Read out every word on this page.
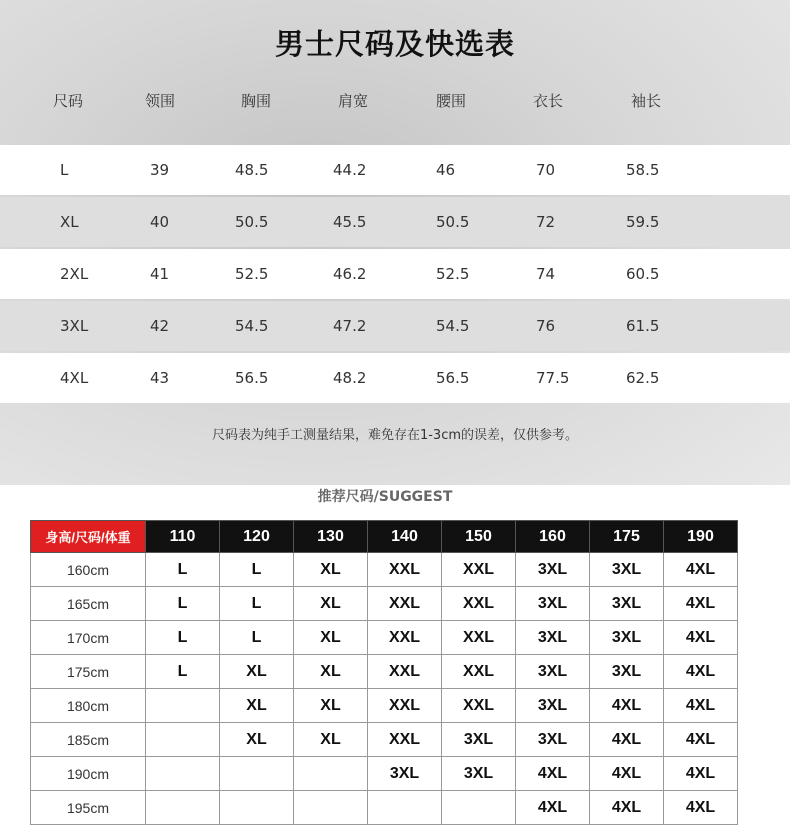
男士尺码及快选表
尺码	领围	胸围	肩宽	腰围	衣长	袖长
L	39	48.5	44.2	46	70	58.5
XL	40	50.5	45.5	50.5	72	59.5
2XL	41	52.5	46.2	52.5	74	60.5
3XL	42	54.5	47.2	54.5	76	61.5
4XL	43	56.5	48.2	56.5	77.5	62.5
尺码表为纯手工测量结果，难免存在1-3cm的误差，仅供参考。
推荐尺码/SUGGEST
身高/尺码/体重	110	120	130	140	150	160	175	190
160cm	L	L	XL	XXL	XXL	3XL	3XL	4XL
165cm	L	L	XL	XXL	XXL	3XL	3XL	4XL
170cm	L	L	XL	XXL	XXL	3XL	3XL	4XL
175cm	L	XL	XL	XXL	XXL	3XL	3XL	4XL
180cm		XL	XL	XXL	XXL	3XL	4XL	4XL
185cm		XL	XL	XXL	3XL	3XL	4XL	4XL
190cm				3XL	3XL	4XL	4XL	4XL
195cm						4XL	4XL	4XL
